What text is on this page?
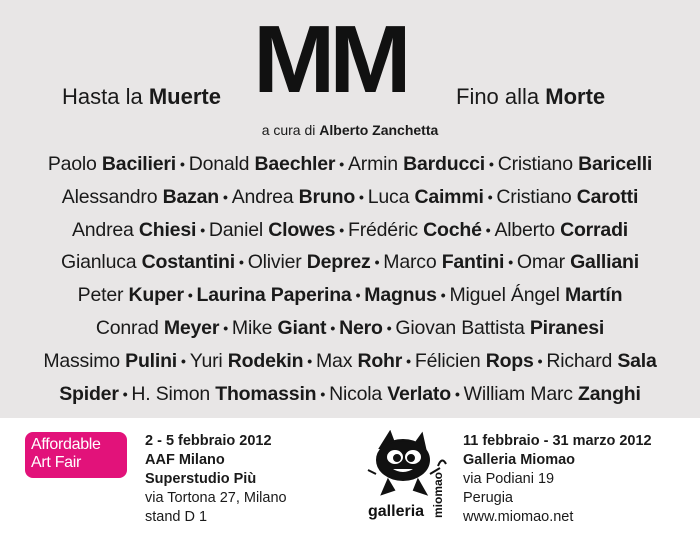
Hasta la Muerte MM Fino alla Morte
a cura di Alberto Zanchetta
Paolo Bacilieri • Donald Baechler • Armin Barducci • Cristiano Baricelli
Alessandro Bazan • Andrea Bruno • Luca Caimmi • Cristiano Carotti
Andrea Chiesi • Daniel Clowes • Frédéric Coché • Alberto Corradi
Gianluca Costantini • Olivier Deprez • Marco Fantini • Omar Galliani
Peter Kuper • Laurina Paperina • Magnus • Miguel Ángel Martín
Conrad Meyer • Mike Giant • Nero • Giovan Battista Piranesi
Massimo Pulini • Yuri Rodekin • Max Rohr • Félicien Rops • Richard Sala
Spider • H. Simon Thomassin • Nicola Verlato • William Marc Zanghi
Affordable
Art Fair
2 - 5 febbraio 2012
AAF Milano
Superstudio Più
via Tortona 27, Milano
stand D 1	galleria miomao
11 febbraio - 31 marzo 2012
Galleria Miomao
via Podiani 19
Perugia
www.miomao.net
